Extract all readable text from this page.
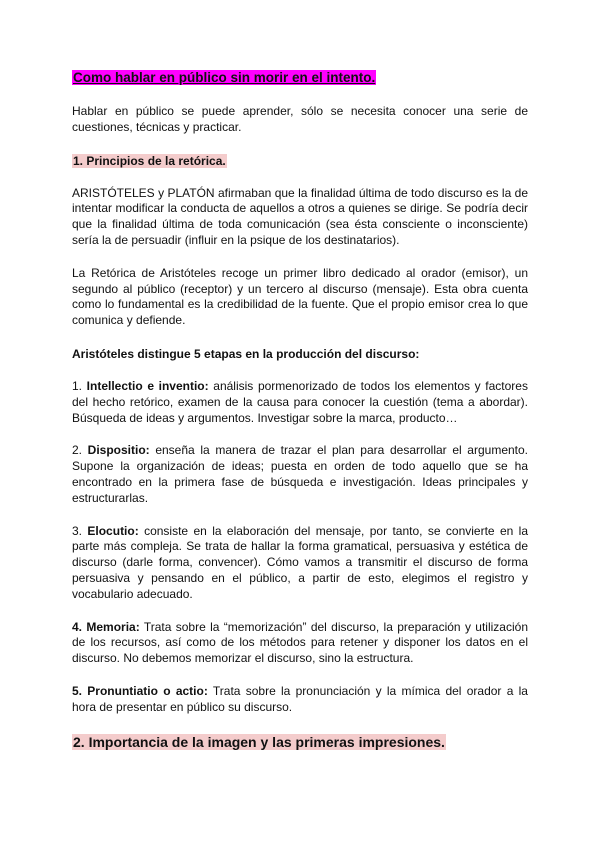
Como hablar en público sin morir en el intento.

Hablar en público se puede aprender, sólo se necesita conocer una serie de cuestiones, técnicas y practicar.

1. Principios de la retórica.

ARISTÓTELES y PLATÓN afirmaban que la finalidad última de todo discurso es la de intentar modificar la conducta de aquellos a otros a quienes se dirige. Se podría decir que la finalidad última de toda comunicación (sea ésta consciente o inconsciente) sería la de persuadir (influir en la psique de los destinatarios).

La Retórica de Aristóteles recoge un primer libro dedicado al orador (emisor), un segundo al público (receptor) y un tercero al discurso (mensaje). Esta obra cuenta como lo fundamental es la credibilidad de la fuente. Que el propio emisor crea lo que comunica y defiende.

Aristóteles distingue 5 etapas en la producción del discurso:

1. Intellectio e inventio: análisis pormenorizado de todos los elementos y factores del hecho retórico, examen de la causa para conocer la cuestión (tema a abordar). Búsqueda de ideas y argumentos. Investigar sobre la marca, producto…

2. Dispositio: enseña la manera de trazar el plan para desarrollar el argumento. Supone la organización de ideas; puesta en orden de todo aquello que se ha encontrado en la primera fase de búsqueda e investigación. Ideas principales y estructurarlas.

3. Elocutio: consiste en la elaboración del mensaje, por tanto, se convierte en la parte más compleja. Se trata de hallar la forma gramatical, persuasiva y estética de discurso (darle forma, convencer). Cómo vamos a transmitir el discurso de forma persuasiva y pensando en el público, a partir de esto, elegimos el registro y vocabulario adecuado.

4. Memoria: Trata sobre la “memorización” del discurso, la preparación y utilización de los recursos, así como de los métodos para retener y disponer los datos en el discurso. No debemos memorizar el discurso, sino la estructura.

5. Pronuntiatio o actio: Trata sobre la pronunciación y la mímica del orador a la hora de presentar en público su discurso.

2. Importancia de la imagen y las primeras impresiones.
